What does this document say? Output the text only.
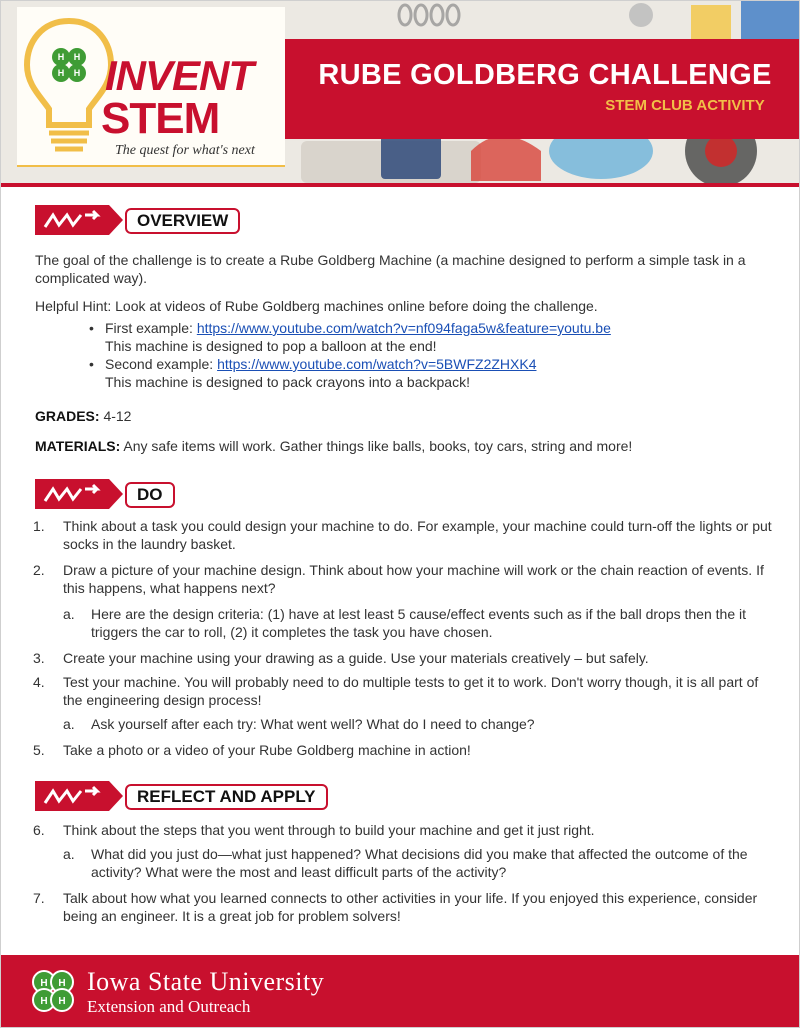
H H
H H INVENT
STEM
The quest for what's next
RUBE GOLDBERG CHALLENGE
STEM CLUB ACTIVITY
OVERVIEW

The goal of the challenge is to create a Rube Goldberg Machine (a machine designed to perform a simple task in a complicated way).

Helpful Hint: Look at videos of Rube Goldberg machines online before doing the challenge.

• First example: https://www.youtube.com/watch?v=nf094faga5w&feature=youtu.be
This machine is designed to pop a balloon at the end!
• Second example: https://www.youtube.com/watch?v=5BWFZ2ZHXK4
This machine is designed to pack crayons into a backpack!

GRADES: 4-12

MATERIALS: Any safe items will work. Gather things like balls, books, toy cars, string and more!

DO
1. Think about a task you could design your machine to do. For example, your machine could turn-off the lights or put socks in the laundry basket.
2. Draw a picture of your machine design. Think about how your machine will work or the chain reaction of events. If this happens, what happens next?
a. Here are the design criteria: (1) have at lest least 5 cause/effect events such as if the ball drops then the it triggers the car to roll, (2) it completes the task you have chosen.
3. Create your machine using your drawing as a guide. Use your materials creatively – but safely.
4. Test your machine. You will probably need to do multiple tests to get it to work. Don't worry though, it is all part of the engineering design process!
a. Ask yourself after each try: What went well? What do I need to change?
5. Take a photo or a video of your Rube Goldberg machine in action!
REFLECT AND APPLY
6. Think about the steps that you went through to build your machine and get it just right.
a. What did you just do—what just happened? What decisions did you make that affected the outcome of the activity? What were the most and least difficult parts of the activity?
7. Talk about how what you learned connects to other activities in your life. If you enjoyed this experience, consider being an engineer. It is a great job for problem solvers!
H H
H H
Iowa State University
Extension and Outreach
